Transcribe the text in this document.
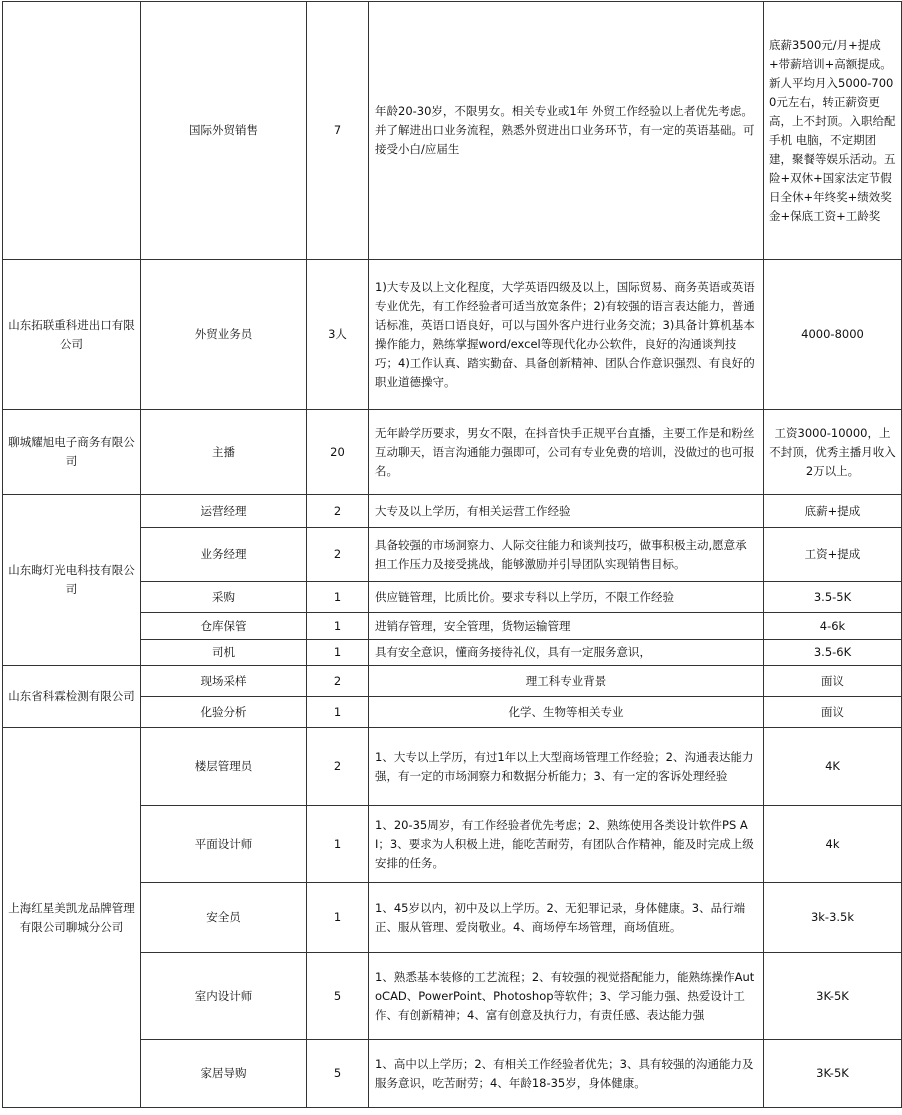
	国际外贸销售	7	年龄20-30岁，不限男女。相关专业或1年 外贸工作经验以上者优先考虑。并了解进出口业务流程，熟悉外贸进出口业务环节，有一定的英语基础。可接受小白/应届生	底薪3500元/月+提成+带薪培训+高额提成。新人平均月入5000-7000元左右，转正薪资更高，上不封顶。入职给配手机 电脑，不定期团建，聚餐等娱乐活动。五险+双休+国家法定节假日全休+年终奖+绩效奖金+保底工资+工龄奖
山东拓联重科进出口有限公司	外贸业务员	3人	1)大专及以上文化程度，大学英语四级及以上，国际贸易、商务英语或英语专业优先，有工作经验者可适当放宽条件；2)有较强的语言表达能力，普通话标准，英语口语良好，可以与国外客户进行业务交流；3)具备计算机基本操作能力，熟练掌握word/excel等现代化办公软件，良好的沟通谈判技巧；4)工作认真、踏实勤奋、具备创新精神、团队合作意识强烈、有良好的职业道德操守。	4000-8000
聊城耀旭电子商务有限公司	主播	20	无年龄学历要求，男女不限，在抖音快手正规平台直播，主要工作是和粉丝互动聊天，语言沟通能力强即可，公司有专业免费的培训，没做过的也可报名。	工资3000-10000，上不封顶，优秀主播月收入2万以上。
山东晦灯光电科技有限公司	运营经理	2	大专及以上学历，有相关运营工作经验	底薪+提成
	业务经理	2	具备较强的市场洞察力、人际交往能力和谈判技巧，做事积极主动,愿意承担工作压力及接受挑战，能够激励并引导团队实现销售目标。	工资+提成
	采购	1	供应链管理，比质比价。要求专科以上学历，不限工作经验	3.5-5K
	仓库保管	1	进销存管理，安全管理，货物运输管理	4-6k
	司机	1	具有安全意识，懂商务接待礼仪，具有一定服务意识，	3.5-6K
山东省科霖检测有限公司	现场采样	2	理工科专业背景	面议
	化验分析	1	化学、生物等相关专业	面议
上海红星美凯龙品牌管理有限公司聊城分公司	楼层管理员	2	1、大专以上学历，有过1年以上大型商场管理工作经验；2、沟通表达能力强，有一定的市场洞察力和数据分析能力；3、有一定的客诉处理经验	4K
	平面设计师	1	1、20-35周岁，有工作经验者优先考虑；2、熟练使用各类设计软件PS AI；3、要求为人积极上进，能吃苦耐劳，有团队合作精神，能及时完成上级安排的任务。	4k
	安全员	1	1、45岁以内，初中及以上学历。2、无犯罪记录，身体健康。3、品行端正、服从管理、爱岗敬业。4、商场停车场管理，商场值班。	3k-3.5k
	室内设计师	5	1、熟悉基本装修的工艺流程；2、有较强的视觉搭配能力，能熟练操作AutoCAD、PowerPoint、Photoshop等软件；3、学习能力强、热爱设计工作、有创新精神；4、富有创意及执行力，有责任感、表达能力强	3K-5K
	家居导购	5	1、高中以上学历；2、有相关工作经验者优先；3、具有较强的沟通能力及服务意识，吃苦耐劳；4、年龄18-35岁，身体健康。	3K-5K
